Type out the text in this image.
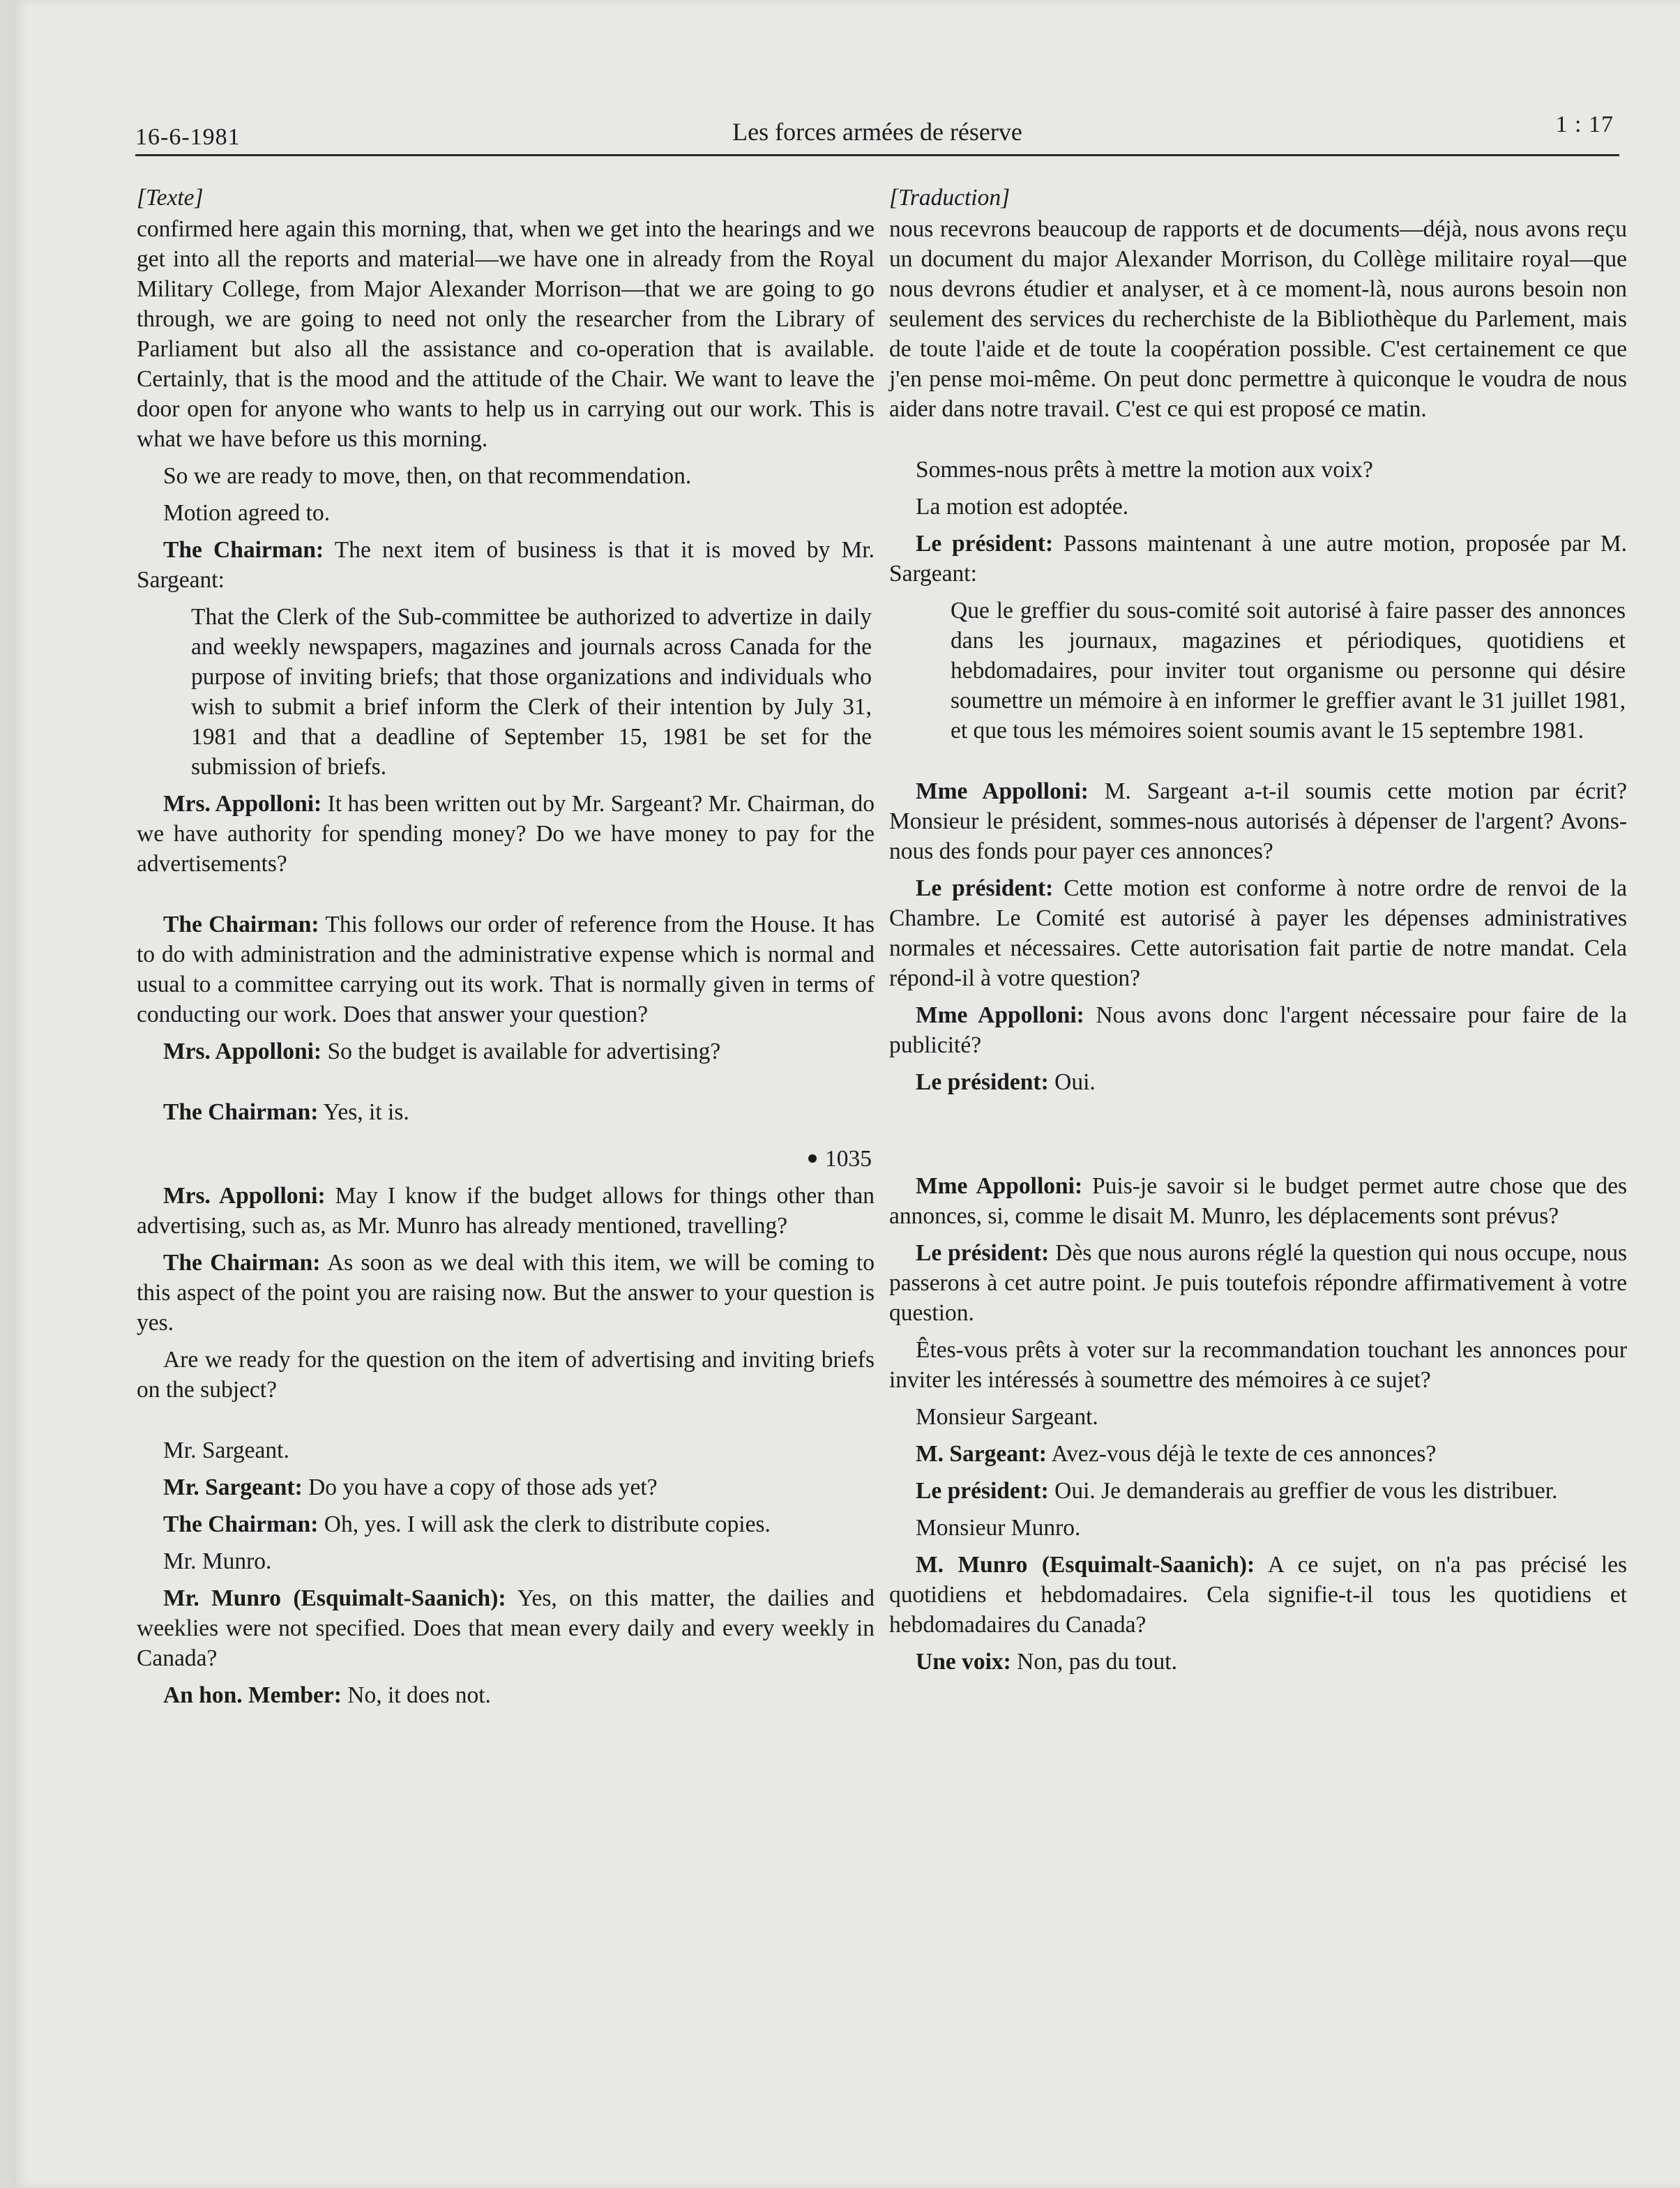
16-6-1981	Les forces armées de réserve	1 : 17
[Texte]

confirmed here again this morning, that, when we get into the hearings and we get into all the reports and material—we have one in already from the Royal Military College, from Major Alexander Morrison—that we are going to go through, we are going to need not only the researcher from the Library of Parliament but also all the assistance and co-operation that is available. Certainly, that is the mood and the attitude of the Chair. We want to leave the door open for anyone who wants to help us in carrying out our work. This is what we have before us this morning.

So we are ready to move, then, on that recommendation.

Motion agreed to.

The Chairman: The next item of business is that it is moved by Mr. Sargeant:

That the Clerk of the Sub-committee be authorized to advertize in daily and weekly newspapers, magazines and journals across Canada for the purpose of inviting briefs; that those organizations and individuals who wish to submit a brief inform the Clerk of their intention by July 31, 1981 and that a deadline of September 15, 1981 be set for the submission of briefs.

Mrs. Appolloni: It has been written out by Mr. Sargeant? Mr. Chairman, do we have authority for spending money? Do we have money to pay for the advertisements?

The Chairman: This follows our order of reference from the House. It has to do with administration and the administrative expense which is normal and usual to a committee carrying out its work. That is normally given in terms of conducting our work. Does that answer your question?

Mrs. Appolloni: So the budget is available for advertising?

The Chairman: Yes, it is.

1035

Mrs. Appolloni: May I know if the budget allows for things other than advertising, such as, as Mr. Munro has already mentioned, travelling?

The Chairman: As soon as we deal with this item, we will be coming to this aspect of the point you are raising now. But the answer to your question is yes.

Are we ready for the question on the item of advertising and inviting briefs on the subject?

Mr. Sargeant.

Mr. Sargeant: Do you have a copy of those ads yet?

The Chairman: Oh, yes. I will ask the clerk to distribute copies.

Mr. Munro.

Mr. Munro (Esquimalt-Saanich): Yes, on this matter, the dailies and weeklies were not specified. Does that mean every daily and every weekly in Canada?

An hon. Member: No, it does not.

[Traduction]

nous recevrons beaucoup de rapports et de documents—déjà, nous avons reçu un document du major Alexander Morrison, du Collège militaire royal—que nous devrons étudier et analyser, et à ce moment-là, nous aurons besoin non seulement des services du recherchiste de la Bibliothèque du Parlement, mais de toute l'aide et de toute la coopération possible. C'est certainement ce que j'en pense moi-même. On peut donc permettre à quiconque le voudra de nous aider dans notre travail. C'est ce qui est proposé ce matin.

Sommes-nous prêts à mettre la motion aux voix?

La motion est adoptée.

Le président: Passons maintenant à une autre motion, proposée par M. Sargeant:

Que le greffier du sous-comité soit autorisé à faire passer des annonces dans les journaux, magazines et périodiques, quotidiens et hebdomadaires, pour inviter tout organisme ou personne qui désire soumettre un mémoire à en informer le greffier avant le 31 juillet 1981, et que tous les mémoires soient soumis avant le 15 septembre 1981.

Mme Appolloni: M. Sargeant a-t-il soumis cette motion par écrit? Monsieur le président, sommes-nous autorisés à dépenser de l'argent? Avons-nous des fonds pour payer ces annonces?

Le président: Cette motion est conforme à notre ordre de renvoi de la Chambre. Le Comité est autorisé à payer les dépenses administratives normales et nécessaires. Cette autorisation fait partie de notre mandat. Cela répond-il à votre question?

Mme Appolloni: Nous avons donc l'argent nécessaire pour faire de la publicité?

Le président: Oui.

Mme Appolloni: Puis-je savoir si le budget permet autre chose que des annonces, si, comme le disait M. Munro, les déplacements sont prévus?

Le président: Dès que nous aurons réglé la question qui nous occupe, nous passerons à cet autre point. Je puis toutefois répondre affirmativement à votre question.

Êtes-vous prêts à voter sur la recommandation touchant les annonces pour inviter les intéressés à soumettre des mémoires à ce sujet?

Monsieur Sargeant.

M. Sargeant: Avez-vous déjà le texte de ces annonces?

Le président: Oui. Je demanderais au greffier de vous les distribuer.

Monsieur Munro.

M. Munro (Esquimalt-Saanich): A ce sujet, on n'a pas précisé les quotidiens et hebdomadaires. Cela signifie-t-il tous les quotidiens et hebdomadaires du Canada?

Une voix: Non, pas du tout.
